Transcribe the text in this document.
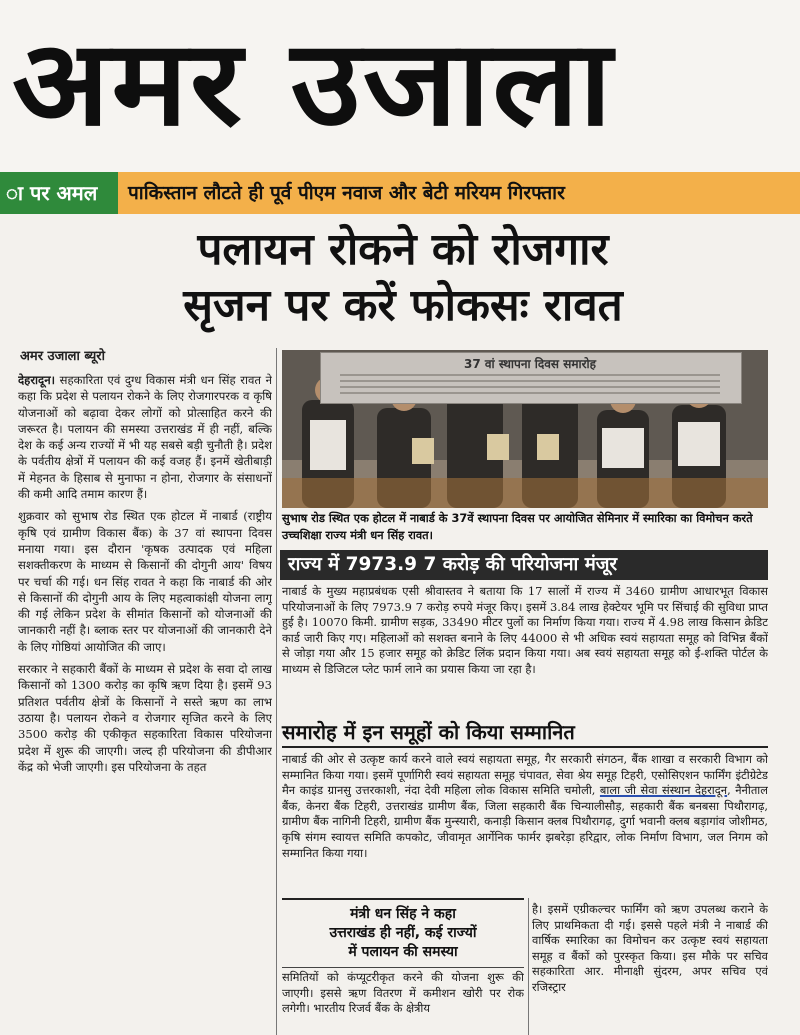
अमर उजाला
ा पर अमल	पाकिस्तान लौटते ही पूर्व पीएम नवाज और बेटी मरियम गिरफ्तार
पलायन रोकने को रोजगार
सृजन पर करें फोकसः रावत
अमर उजाला ब्यूरो

देहरादून। सहकारिता एवं दुग्ध विकास मंत्री धन सिंह रावत ने कहा कि प्रदेश से पलायन रोकने के लिए रोजगारपरक व कृषि योजनाओं को बढ़ावा देकर लोगों को प्रोत्साहित करने की जरूरत है। पलायन की समस्या उत्तराखंड में ही नहीं, बल्कि देश के कई अन्य राज्यों में भी यह सबसे बड़ी चुनौती है। प्रदेश के पर्वतीय क्षेत्रों में पलायन की कई वजह हैं। इनमें खेतीबाड़ी में मेहनत के हिसाब से मुनाफा न होना, रोजगार के संसाधनों की कमी आदि तमाम कारण हैं।

शुक्रवार को सुभाष रोड स्थित एक होटल में नाबार्ड (राष्ट्रीय कृषि एवं ग्रामीण विकास बैंक) के 37 वां स्थापना दिवस मनाया गया। इस दौरान 'कृषक उत्पादक एवं महिला सशक्तीकरण के माध्यम से किसानों की दोगुनी आय' विषय पर चर्चा की गई। धन सिंह रावत ने कहा कि नाबार्ड की ओर से किसानों की दोगुनी आय के लिए महत्वाकांक्षी योजना लागू की गई लेकिन प्रदेश के सीमांत किसानों को योजनाओं की जानकारी नहीं है। ब्लाक स्तर पर योजनाओं की जानकारी देने के लिए गोष्ठियां आयोजित की जाए।

सरकार ने सहकारी बैंकों के माध्यम से प्रदेश के सवा दो लाख किसानों को 1300 करोड़ का कृषि ऋण दिया है। इसमें 93 प्रतिशत पर्वतीय क्षेत्रों के किसानों ने सस्ते ऋण का लाभ उठाया है। पलायन रोकने व रोजगार सृजित करने के लिए 3500 करोड़ की एकीकृत सहकारिता विकास परियोजना प्रदेश में शुरू की जाएगी। जल्द ही परियोजना की डीपीआर केंद्र को भेजी जाएगी। इस परियोजना के तहत

37 वां स्थापना दिवस समारोह
सुभाष रोड स्थित एक होटल में नाबार्ड के 37वें स्थापना दिवस पर आयोजित सेमिनार में स्मारिका का विमोचन करते उच्चशिक्षा राज्य मंत्री धन सिंह रावत।
राज्य में 7973.9 7 करोड़ की परियोजना मंजूर
नाबार्ड के मुख्य महाप्रबंधक एसी श्रीवास्तव ने बताया कि 17 सालों में राज्य में 3460 ग्रामीण आधारभूत विकास परियोजनाओं के लिए 7973.9 7 करोड़ रुपये मंजूर किए। इसमें 3.84 लाख हेक्टेयर भूमि पर सिंचाई की सुविधा प्राप्त हुई है। 10070 किमी. ग्रामीण सड़क, 33490 मीटर पुलों का निर्माण किया गया। राज्य में 4.98 लाख किसान क्रेडिट कार्ड जारी किए गए। महिलाओं को सशक्त बनाने के लिए 44000 से भी अधिक स्वयं सहायता समूह को विभिन्न बैंकों से जोड़ा गया और 15 हजार समूह को क्रेडिट लिंक प्रदान किया गया। अब स्वयं सहायता समूह को ई-शक्ति पोर्टल के माध्यम से डिजिटल प्लेट फार्म लाने का प्रयास किया जा रहा है।
समारोह में इन समूहों को किया सम्मानित
नाबार्ड की ओर से उत्कृष्ट कार्य करने वाले स्वयं सहायता समूह, गैर सरकारी संगठन, बैंक शाखा व सरकारी विभाग को सम्मानित किया गया। इसमें पूर्णागिरी स्वयं सहायता समूह चंपावत, सेवा श्रेय समूह टिहरी, एसोसिएशन फार्मिंग इंटीग्रेटेड मैन काइंड ग्रानसु उत्तरकाशी, नंदा देवी महिला लोक विकास समिति चमोली, बाला जी सेवा संस्थान देहरादून, नैनीताल बैंक, केनरा बैंक टिहरी, उत्तराखंड ग्रामीण बैंक, जिला सहकारी बैंक चिन्यालीसौड़, सहकारी बैंक बनबसा पिथौरागढ़, ग्रामीण बैंक नागिनी टिहरी, ग्रामीण बैंक मुन्स्यारी, कनाड़ी किसान क्लब पिथौरागढ़, दुर्गा भवानी क्लब बड़ागांव जोशीमठ, कृषि संगम स्वायत्त समिति कपकोट, जीवामृत आर्गेनिक फार्मर झबरेड़ा हरिद्वार, लोक निर्माण विभाग, जल निगम को सम्मानित किया गया।
मंत्री धन सिंह ने कहा
उत्तराखंड ही नहीं, कई राज्यों
में पलायन की समस्या
समितियों को कंप्यूटरीकृत करने की योजना शुरू की जाएगी। इससे ऋण वितरण में कमीशन खोरी पर रोक लगेगी। भारतीय रिजर्व बैंक के क्षेत्रीय
है। इसमें एग्रीकल्चर फार्मिंग को ऋण उपलब्ध कराने के लिए प्राथमिकता दी गई। इससे पहले मंत्री ने नाबार्ड की वार्षिक स्मारिका का विमोचन कर उत्कृष्ट स्वयं सहायता समूह व बैंकों को पुरस्कृत किया। इस मौके पर सचिव सहकारिता आर. मीनाक्षी सुंदरम, अपर सचिव एवं रजिस्ट्रार
